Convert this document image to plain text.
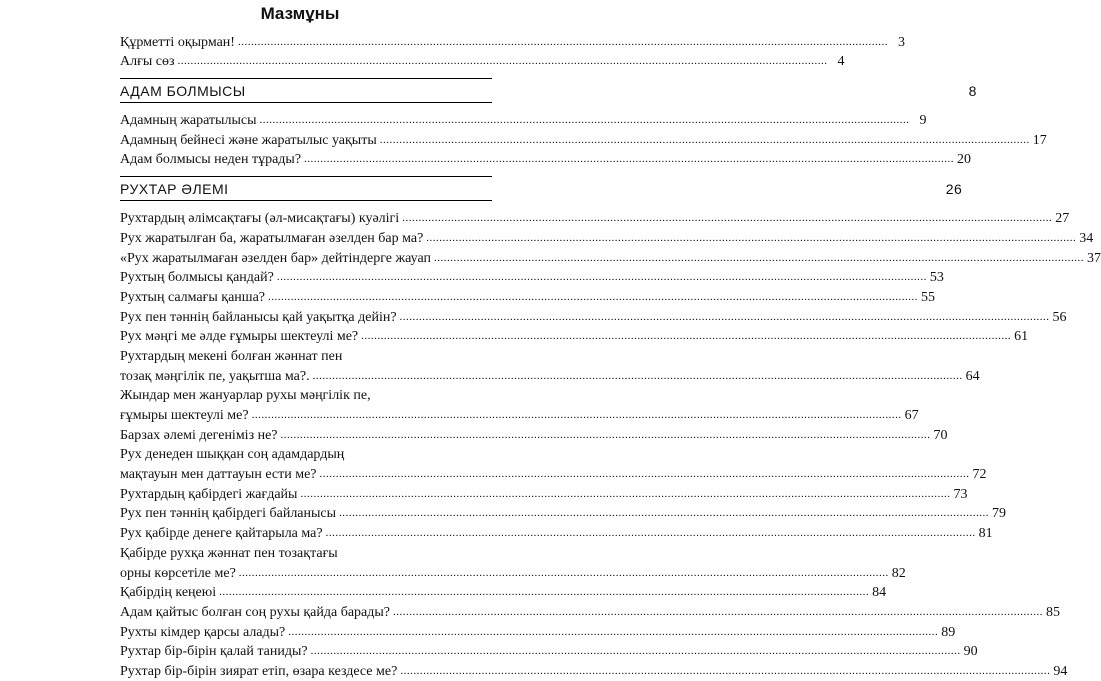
Мазмұны
Құрметті оқырман! ........................................................................................................................................................................................................ 3
Алғы сөз ........................................................................................................................................................................................................ 4
АДАМ БОЛМЫСЫ	8
Адамның жаратылысы ........................................................................................................................................................................................................ 9
Адамның бейнесі және жаратылыс уақыты ........................................................................................................................................................................................................ 17
Адам болмысы неден тұрады? ........................................................................................................................................................................................................ 20
РУХТАР ӘЛЕМІ	26
Рухтардың әлімсақтағы (әл-мисақтағы) куәлігі ........................................................................................................................................................................................................ 27
Рух жаратылған ба, жаратылмаған әзелден бар ма? ........................................................................................................................................................................................................ 34
«Рух жаратылмаған әзелден бар» дейтіндерге жауап ........................................................................................................................................................................................................ 37
Рухтың болмысы қандай? ........................................................................................................................................................................................................ 53
Рухтың салмағы қанша? ........................................................................................................................................................................................................ 55
Рух пен тәннің байланысы қай уақытқа дейін? ........................................................................................................................................................................................................ 56
Рух мәңгі ме әлде ғұмыры шектеулі ме? ........................................................................................................................................................................................................ 61
Рухтардың мекені болған жәннат пен
тозақ мәңгілік пе, уақытша ма?. ........................................................................................................................................................................................................ 64
Жындар мен жануарлар рухы мәңгілік пе,
ғұмыры шектеулі ме? ........................................................................................................................................................................................................ 67
Барзах әлемі дегеніміз не? ........................................................................................................................................................................................................ 70
Рух денеден шыққан соң адамдардың
мақтауын мен даттауын ести ме? ........................................................................................................................................................................................................ 72
Рухтардың қабірдегі жағдайы ........................................................................................................................................................................................................ 73
Рух пен тәннің қабірдегі байланысы ........................................................................................................................................................................................................ 79
Рух қабірде денеге қайтарыла ма? ........................................................................................................................................................................................................ 81
Қабірде рухқа жәннат пен тозақтағы
орны көрсетіле ме? ........................................................................................................................................................................................................ 82
Қабірдің кеңеюі ........................................................................................................................................................................................................ 84
Адам қайтыс болған соң рухы қайда барады? ........................................................................................................................................................................................................ 85
Рухты кімдер қарсы алады? ........................................................................................................................................................................................................ 89
Рухтар бір-бірін қалай таниды? ........................................................................................................................................................................................................ 90
Рухтар бір-бірін зиярат етіп, өзара кездесе ме? ........................................................................................................................................................................................................ 94
